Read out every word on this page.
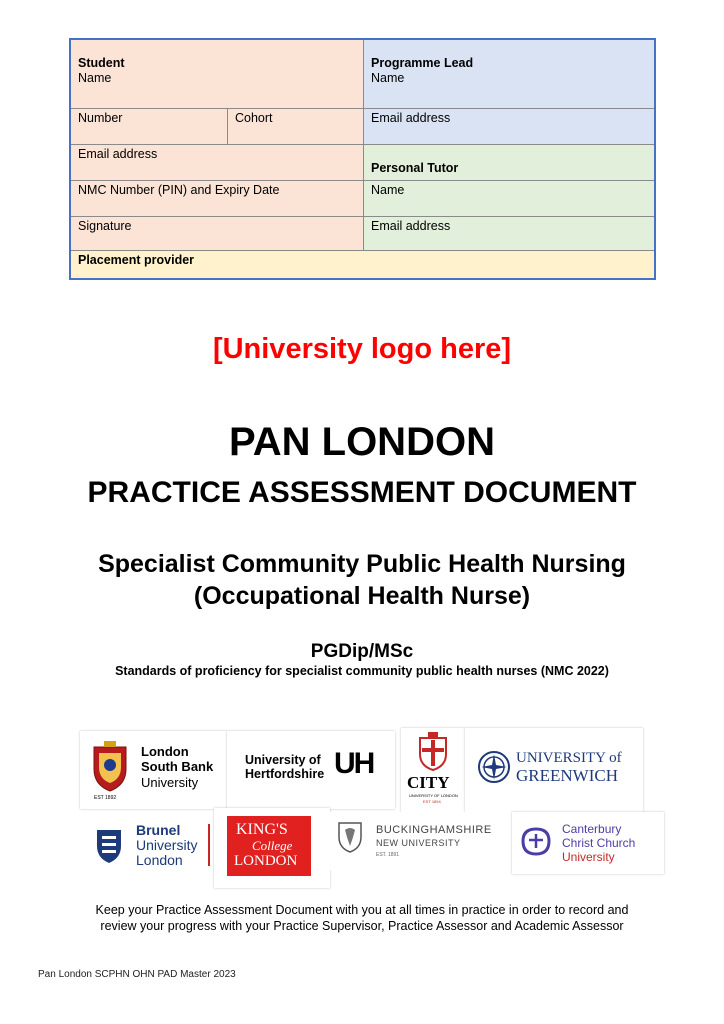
Student
Name
Number	Cohort
Email address
NMC Number (PIN) and Expiry Date
Signature
Programme Lead
Name
Email address
Personal Tutor
Name
Email address
Placement provider
[University logo here]
PAN LONDON
PRACTICE ASSESSMENT DOCUMENT
Specialist Community Public Health Nursing
(Occupational Health Nurse)
PGDip/MSc
Standards of proficiency for specialist community public health nurses (NMC 2022)
EST 1892
London
South Bank
University
University of
Hertfordshire UH
CITY
UNIVERSITY OF LONDON
EST 1894
UNIVERSITY of
GREENWICH
Brunel
University
London
KING'S
College
LONDON
BUCKINGHAMSHIRE
NEW UNIVERSITY
EST. 1891
Canterbury
Christ Church
University
Keep your Practice Assessment Document with you at all times in practice in order to record and
review your progress with your Practice Supervisor, Practice Assessor and Academic Assessor
Pan London SCPHN OHN PAD Master 2023
